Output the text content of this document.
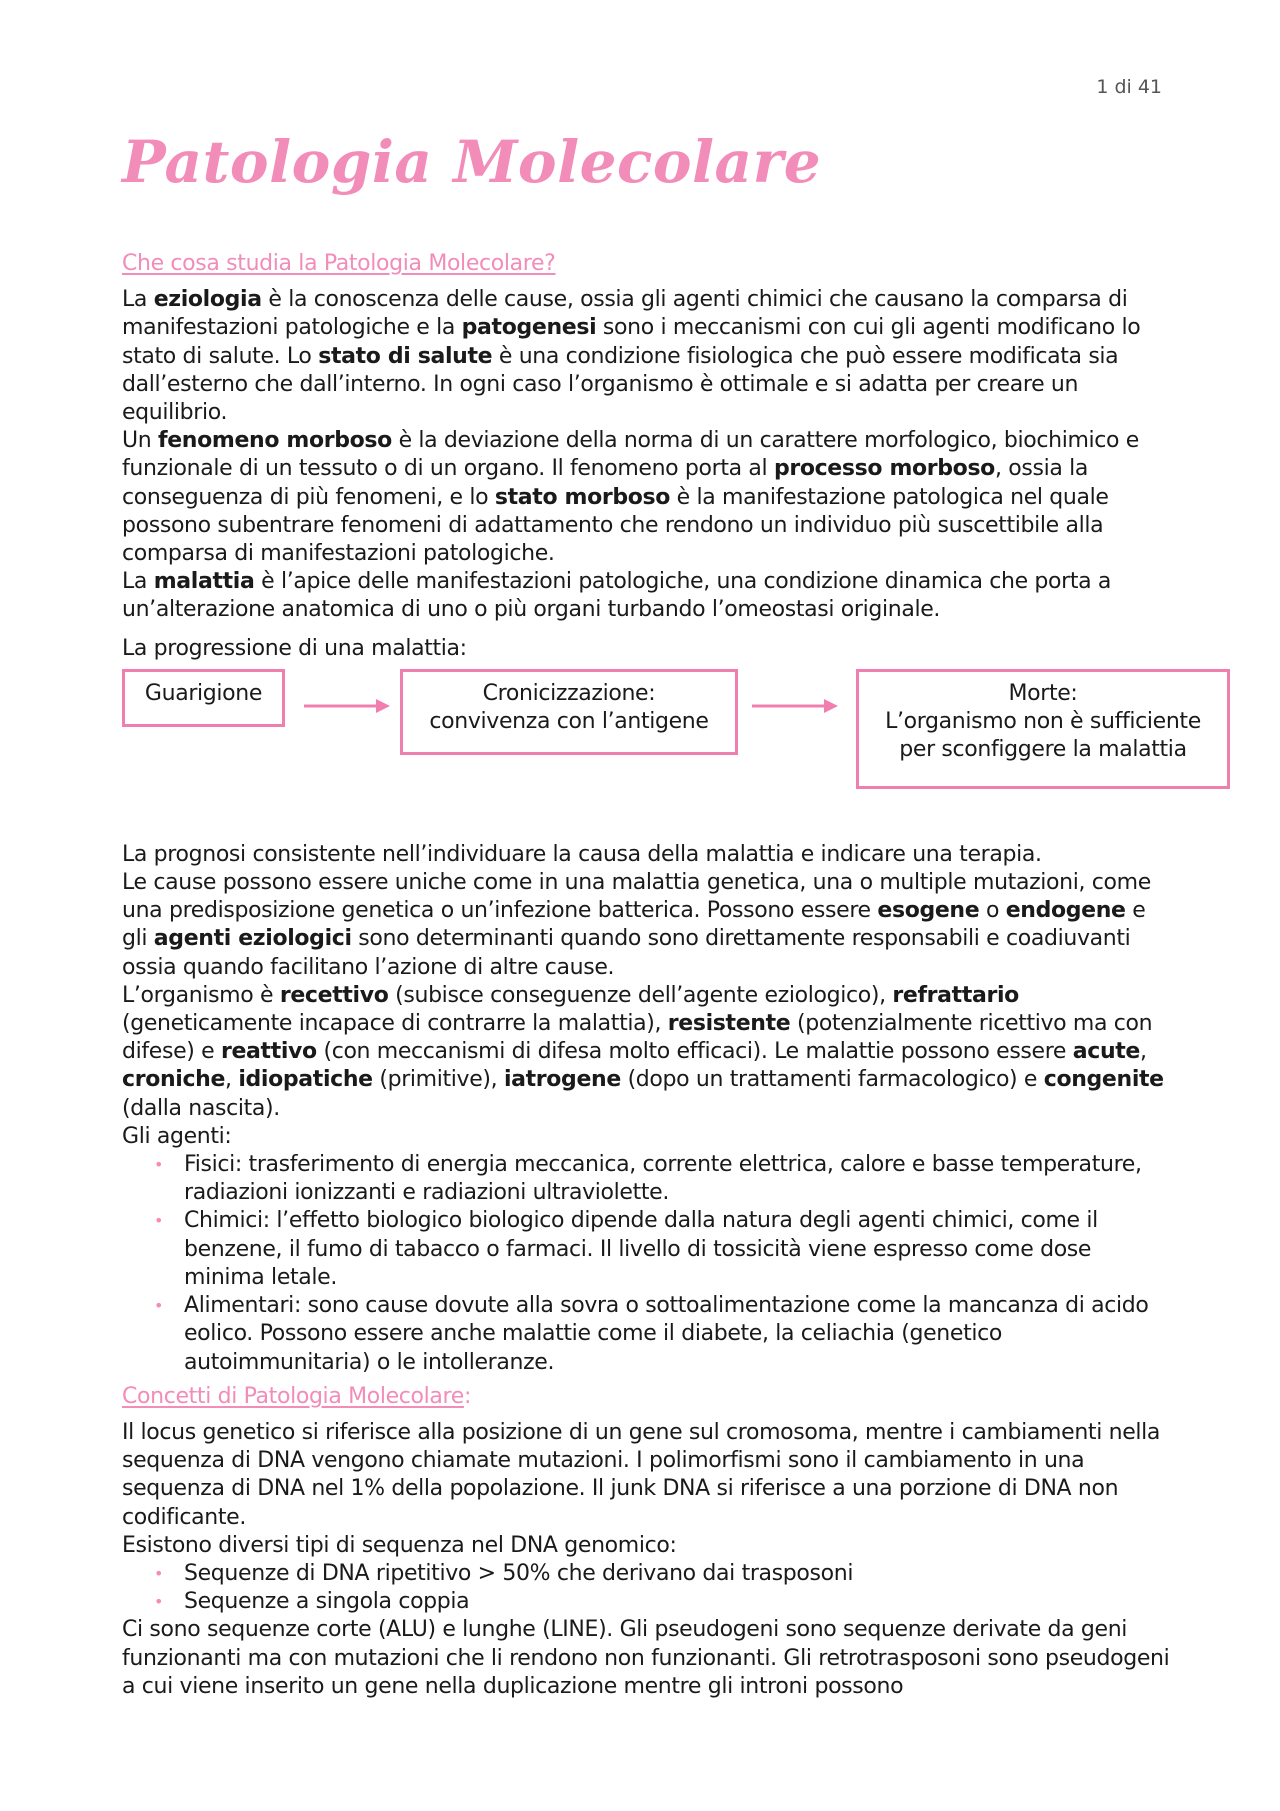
1 di 41
Patologia Molecolare
Che cosa studia la Patologia Molecolare?

La eziologia è la conoscenza delle cause, ossia gli agenti chimici che causano la comparsa di manifestazioni patologiche e la patogenesi sono i meccanismi con cui gli agenti modificano lo stato di salute. Lo stato di salute è una condizione fisiologica che può essere modificata sia dall’esterno che dall’interno. In ogni caso l’organismo è ottimale e si adatta per creare un equilibrio.

Un fenomeno morboso è la deviazione della norma di un carattere morfologico, biochimico e funzionale di un tessuto o di un organo. Il fenomeno porta al processo morboso, ossia la conseguenza di più fenomeni, e lo stato morboso è la manifestazione patologica nel quale possono subentrare fenomeni di adattamento che rendono un individuo più suscettibile alla comparsa di manifestazioni patologiche.

La malattia è l’apice delle manifestazioni patologiche, una condizione dinamica che porta a un’alterazione anatomica di uno o più organi turbando l’omeostasi originale.

La progressione di una malattia:

Guarigione	Cronicizzazione:
convivenza con l’antigene
Morte:
L’organismo non è sufficiente
per sconfiggere la malattia

La prognosi consistente nell’individuare la causa della malattia e indicare una terapia.

Le cause possono essere uniche come in una malattia genetica, una o multiple mutazioni, come una predisposizione genetica o un’infezione batterica. Possono essere esogene o endogene e gli agenti eziologici sono determinanti quando sono direttamente responsabili e coadiuvanti ossia quando facilitano l’azione di altre cause.

L’organismo è recettivo (subisce conseguenze dell’agente eziologico), refrattario (geneticamente incapace di contrarre la malattia), resistente (potenzialmente ricettivo ma con difese) e reattivo (con meccanismi di difesa molto efficaci). Le malattie possono essere acute, croniche, idiopatiche (primitive), iatrogene (dopo un trattamenti farmacologico) e congenite (dalla nascita).

Gli agenti:

• Fisici: trasferimento di energia meccanica, corrente elettrica, calore e basse temperature, radiazioni ionizzanti e radiazioni ultraviolette.
• Chimici: l’effetto biologico biologico dipende dalla natura degli agenti chimici, come il benzene, il fumo di tabacco o farmaci. Il livello di tossicità viene espresso come dose minima letale.
• Alimentari: sono cause dovute alla sovra o sottoalimentazione come la mancanza di acido eolico. Possono essere anche malattie come il diabete, la celiachia (genetico autoimmunitaria) o le intolleranze.
Concetti di Patologia Molecolare:

Il locus genetico si riferisce alla posizione di un gene sul cromosoma, mentre i cambiamenti nella sequenza di DNA vengono chiamate mutazioni. I polimorfismi sono il cambiamento in una sequenza di DNA nel 1% della popolazione. Il junk DNA si riferisce a una porzione di DNA non codificante.

Esistono diversi tipi di sequenza nel DNA genomico:

• Sequenze di DNA ripetitivo > 50% che derivano dai trasposoni
• Sequenze a singola coppia

Ci sono sequenze corte (ALU) e lunghe (LINE). Gli pseudogeni sono sequenze derivate da geni funzionanti ma con mutazioni che li rendono non funzionanti. Gli retrotrasposoni sono pseudogeni a cui viene inserito un gene nella duplicazione mentre gli introni possono
